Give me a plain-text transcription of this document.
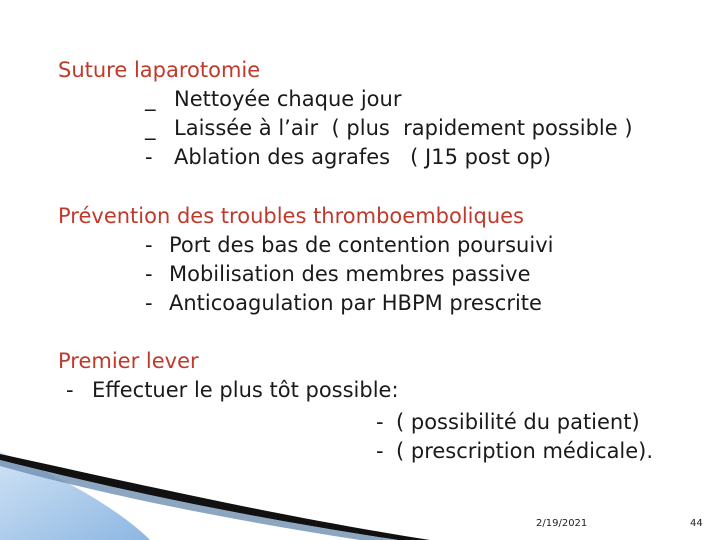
Suture laparotomie
_ Nettoyée chaque jour
_ Laissée à l’air  ( plus  rapidement possible )
- Ablation des agrafes   ( J15 post op)
Prévention des troubles thromboemboliques
- Port des bas de contention poursuivi
- Mobilisation des membres passive
- Anticoagulation par HBPM prescrite
Premier lever
- Effectuer le plus tôt possible:
- ( possibilité du patient)
- ( prescription médicale).
2/19/2021	44
